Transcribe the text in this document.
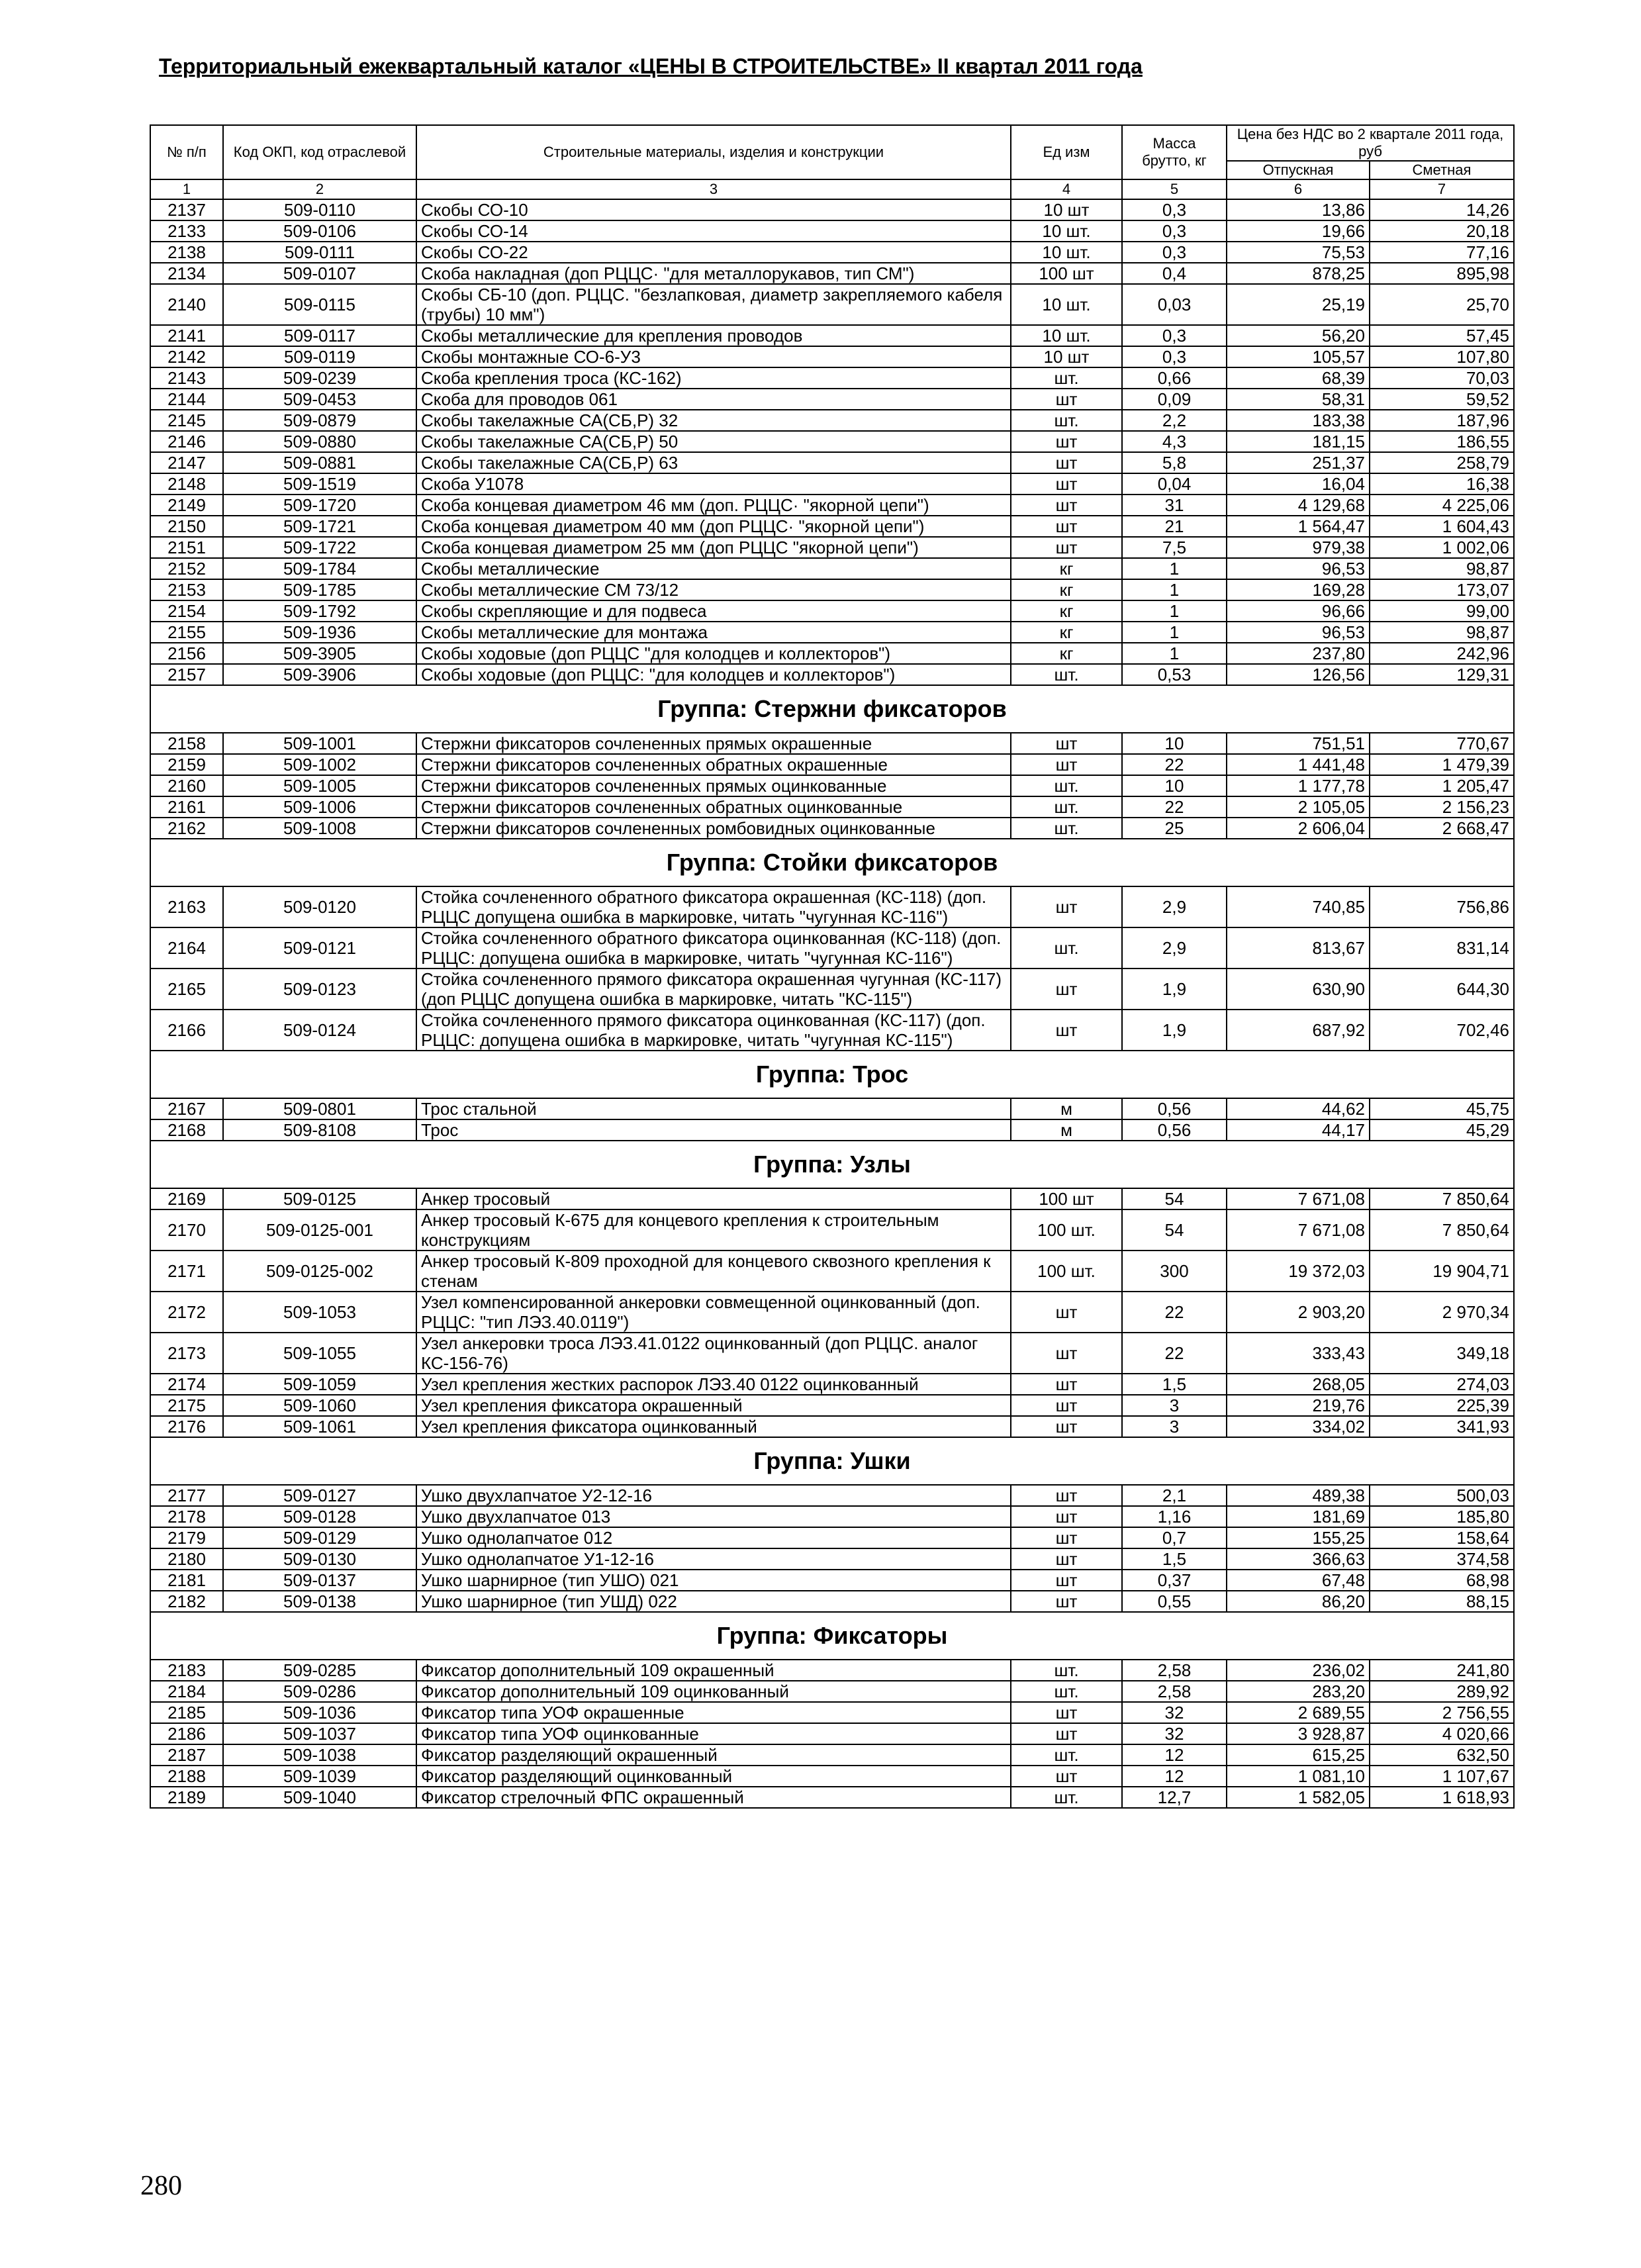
Территориальный ежеквартальный каталог «ЦЕНЫ В СТРОИТЕЛЬСТВЕ» II квартал 2011 года
№ п/п	Код ОКП, код отраслевой	Строительные материалы, изделия и конструкции	Ед изм	Масса брутто, кг	Цена без НДС во 2 квартале 2011 года, руб	
					Отпускная	Сметная
1	2	3	4	5	6	7
2137	509-0110	Скобы СО-10	10 шт	0,3	13,86	14,26
2133	509-0106	Скобы СО-14	10 шт.	0,3	19,66	20,18
2138	509-0111	Скобы СО-22	10 шт.	0,3	75,53	77,16
2134	509-0107	Скоба накладная (доп РЦЦС· "для металлорукавов, тип СМ")	100 шт	0,4	878,25	895,98
2140	509-0115	Скобы СБ-10 (доп. РЦЦС. "безлапковая, диаметр закрепляемого кабеля (трубы) 10 мм")	10 шт.	0,03	25,19	25,70
2141	509-0117	Скобы металлические для крепления проводов	10 шт.	0,3	56,20	57,45
2142	509-0119	Скобы монтажные СО-6-У3	10 шт	0,3	105,57	107,80
2143	509-0239	Скоба крепления троса (КС-162)	шт.	0,66	68,39	70,03
2144	509-0453	Скоба для проводов 061	шт	0,09	58,31	59,52
2145	509-0879	Скобы такелажные СА(СБ,Р) 32	шт.	2,2	183,38	187,96
2146	509-0880	Скобы такелажные СА(СБ,Р) 50	шт	4,3	181,15	186,55
2147	509-0881	Скобы такелажные СА(СБ,Р) 63	шт	5,8	251,37	258,79
2148	509-1519	Скоба У1078	шт	0,04	16,04	16,38
2149	509-1720	Скоба концевая диаметром 46 мм (доп. РЦЦС· "якорной цепи")	шт	31	4 129,68	4 225,06
2150	509-1721	Скоба концевая диаметром 40 мм (доп РЦЦС· "якорной цепи")	шт	21	1 564,47	1 604,43
2151	509-1722	Скоба концевая диаметром 25 мм (доп РЦЦС "якорной цепи")	шт	7,5	979,38	1 002,06
2152	509-1784	Скобы металлические	кг	1	96,53	98,87
2153	509-1785	Скобы металлические СМ 73/12	кг	1	169,28	173,07
2154	509-1792	Скобы скрепляющие и для подвеса	кг	1	96,66	99,00
2155	509-1936	Скобы металлические для монтажа	кг	1	96,53	98,87
2156	509-3905	Скобы ходовые (доп РЦЦС "для колодцев и коллекторов")	кг	1	237,80	242,96
2157	509-3906	Скобы ходовые (доп РЦЦС: "для колодцев и коллекторов")	шт.	0,53	126,56	129,31
Группа: Стержни фиксаторов						
2158	509-1001	Стержни фиксаторов сочлененных прямых окрашенные	шт	10	751,51	770,67
2159	509-1002	Стержни фиксаторов сочлененных обратных окрашенные	шт	22	1 441,48	1 479,39
2160	509-1005	Стержни фиксаторов сочлененных прямых оцинкованные	шт.	10	1 177,78	1 205,47
2161	509-1006	Стержни фиксаторов сочлененных обратных оцинкованные	шт.	22	2 105,05	2 156,23
2162	509-1008	Стержни фиксаторов сочлененных ромбовидных оцинкованные	шт.	25	2 606,04	2 668,47
Группа: Стойки фиксаторов						
2163	509-0120	Стойка сочлененного обратного фиксатора окрашенная (КС-118) (доп. РЦЦС допущена ошибка в маркировке, читать "чугунная КС-116")	шт	2,9	740,85	756,86
2164	509-0121	Стойка сочлененного обратного фиксатора оцинкованная (КС-118) (доп. РЦЦС: допущена ошибка в маркировке, читать "чугунная КС-116")	шт.	2,9	813,67	831,14
2165	509-0123	Стойка сочлененного прямого фиксатора окрашенная чугунная (КС-117) (доп РЦЦС допущена ошибка в маркировке, читать "КС-115")	шт	1,9	630,90	644,30
2166	509-0124	Стойка сочлененного прямого фиксатора оцинкованная (КС-117) (доп. РЦЦС: допущена ошибка в маркировке, читать "чугунная КС-115")	шт	1,9	687,92	702,46
Группа: Трос						
2167	509-0801	Трос стальной	м	0,56	44,62	45,75
2168	509-8108	Трос	м	0,56	44,17	45,29
Группа: Узлы						
2169	509-0125	Анкер тросовый	100 шт	54	7 671,08	7 850,64
2170	509-0125-001	Анкер тросовый К-675 для концевого крепления к строительным конструкциям	100 шт.	54	7 671,08	7 850,64
2171	509-0125-002	Анкер тросовый К-809 проходной для концевого сквозного крепления к стенам	100 шт.	300	19 372,03	19 904,71
2172	509-1053	Узел компенсированной анкеровки совмещенной оцинкованный (доп. РЦЦС: "тип ЛЭЗ.40.0119")	шт	22	2 903,20	2 970,34
2173	509-1055	Узел анкеровки троса ЛЭЗ.41.0122 оцинкованный (доп РЦЦС. аналог КС-156-76)	шт	22	333,43	349,18
2174	509-1059	Узел крепления жестких распорок ЛЭЗ.40 0122 оцинкованный	шт	1,5	268,05	274,03
2175	509-1060	Узел крепления фиксатора окрашенный	шт	3	219,76	225,39
2176	509-1061	Узел крепления фиксатора оцинкованный	шт	3	334,02	341,93
Группа: Ушки						
2177	509-0127	Ушко двухлапчатое У2-12-16	шт	2,1	489,38	500,03
2178	509-0128	Ушко двухлапчатое 013	шт	1,16	181,69	185,80
2179	509-0129	Ушко однолапчатое 012	шт	0,7	155,25	158,64
2180	509-0130	Ушко однолапчатое У1-12-16	шт	1,5	366,63	374,58
2181	509-0137	Ушко шарнирное (тип УШО) 021	шт	0,37	67,48	68,98
2182	509-0138	Ушко шарнирное (тип УШД) 022	шт	0,55	86,20	88,15
Группа: Фиксаторы						
2183	509-0285	Фиксатор дополнительный 109 окрашенный	шт.	2,58	236,02	241,80
2184	509-0286	Фиксатор дополнительный 109 оцинкованный	шт.	2,58	283,20	289,92
2185	509-1036	Фиксатор типа УОФ окрашенные	шт	32	2 689,55	2 756,55
2186	509-1037	Фиксатор типа УОФ оцинкованные	шт	32	3 928,87	4 020,66
2187	509-1038	Фиксатор разделяющий окрашенный	шт.	12	615,25	632,50
2188	509-1039	Фиксатор разделяющий оцинкованный	шт	12	1 081,10	1 107,67
2189	509-1040	Фиксатор стрелочный ФПС окрашенный	шт.	12,7	1 582,05	1 618,93
280
